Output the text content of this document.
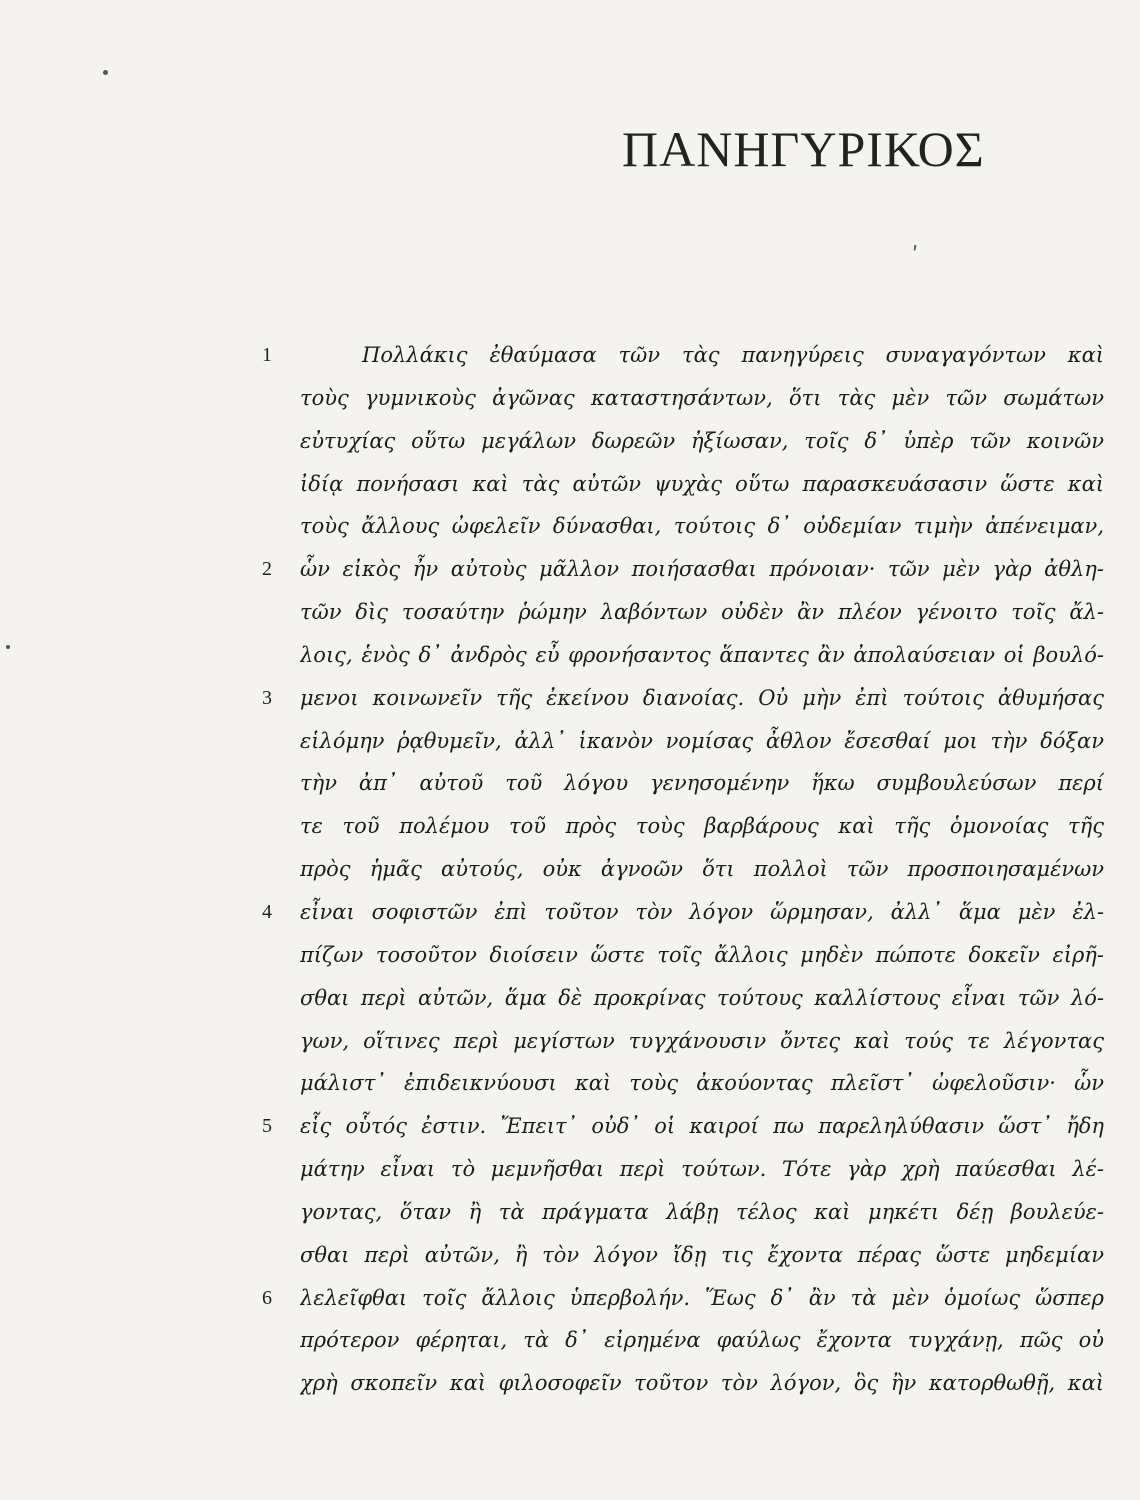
ΠΑΝΗΓΥΡΙΚΟΣ
ʹ
1
2
3
4
5
6
Πολλάκις ἐθαύμασα τῶν τὰς πανηγύρεις συναγαγόντων καὶ
τοὺς γυμνικοὺς ἀγῶνας καταστησάντων, ὅτι τὰς μὲν τῶν σωμάτων
εὐτυχίας οὕτω μεγάλων δωρεῶν ἠξίωσαν, τοῖς δ᾽ ὑπὲρ τῶν κοινῶν
ἰδίᾳ πονήσασι καὶ τὰς αὐτῶν ψυχὰς οὕτω παρασκευάσασιν ὥστε καὶ
τοὺς ἄλλους ὠφελεῖν δύνασθαι, τούτοις δ᾽ οὐδεμίαν τιμὴν ἀπένειμαν,
ὧν εἰκὸς ἦν αὐτοὺς μᾶλλον ποιήσασθαι πρόνοιαν· τῶν μὲν γὰρ ἀθλη-
τῶν δὶς τοσαύτην ῥώμην λαβόντων οὐδὲν ἂν πλέον γένοιτο τοῖς ἄλ-
λοις, ἑνὸς δ᾽ ἀνδρὸς εὖ φρονήσαντος ἅπαντες ἂν ἀπολαύσειαν οἱ βουλό-
μενοι κοινωνεῖν τῆς ἐκείνου διανοίας. Οὐ μὴν ἐπὶ τούτοις ἀθυμήσας
εἱλόμην ῥᾳθυμεῖν, ἀλλ᾽ ἱκανὸν νομίσας ἆθλον ἔσεσθαί μοι τὴν δόξαν
τὴν ἀπ᾽ αὐτοῦ τοῦ λόγου γενησομένην ἥκω συμβουλεύσων περί
τε τοῦ πολέμου τοῦ πρὸς τοὺς βαρβάρους καὶ τῆς ὁμονοίας τῆς
πρὸς ἡμᾶς αὐτούς, οὐκ ἀγνοῶν ὅτι πολλοὶ τῶν προσποιησαμένων
εἶναι σοφιστῶν ἐπὶ τοῦτον τὸν λόγον ὥρμησαν, ἀλλ᾽ ἅμα μὲν ἐλ-
πίζων τοσοῦτον διοίσειν ὥστε τοῖς ἄλλοις μηδὲν πώποτε δοκεῖν εἰρῆ-
σθαι περὶ αὐτῶν, ἅμα δὲ προκρίνας τούτους καλλίστους εἶναι τῶν λό-
γων, οἵτινες περὶ μεγίστων τυγχάνουσιν ὄντες καὶ τούς τε λέγοντας
μάλιστ᾽ ἐπιδεικνύουσι καὶ τοὺς ἀκούοντας πλεῖστ᾽ ὠφελοῦσιν· ὧν
εἷς οὗτός ἐστιν. Ἔπειτ᾽ οὐδ᾽ οἱ καιροί πω παρεληλύθασιν ὥστ᾽ ἤδη
μάτην εἶναι τὸ μεμνῆσθαι περὶ τούτων. Τότε γὰρ χρὴ παύεσθαι λέ-
γοντας, ὅταν ἢ τὰ πράγματα λάβῃ τέλος καὶ μηκέτι δέῃ βουλεύε-
σθαι περὶ αὐτῶν, ἢ τὸν λόγον ἴδῃ τις ἔχοντα πέρας ὥστε μηδεμίαν
λελεῖφθαι τοῖς ἄλλοις ὑπερβολήν. Ἕως δ᾽ ἂν τὰ μὲν ὁμοίως ὥσπερ
πρότερον φέρηται, τὰ δ᾽ εἰρημένα φαύλως ἔχοντα τυγχάνῃ, πῶς οὐ
χρὴ σκοπεῖν καὶ φιλοσοφεῖν τοῦτον τὸν λόγον, ὃς ἢν κατορθωθῇ, καὶ
